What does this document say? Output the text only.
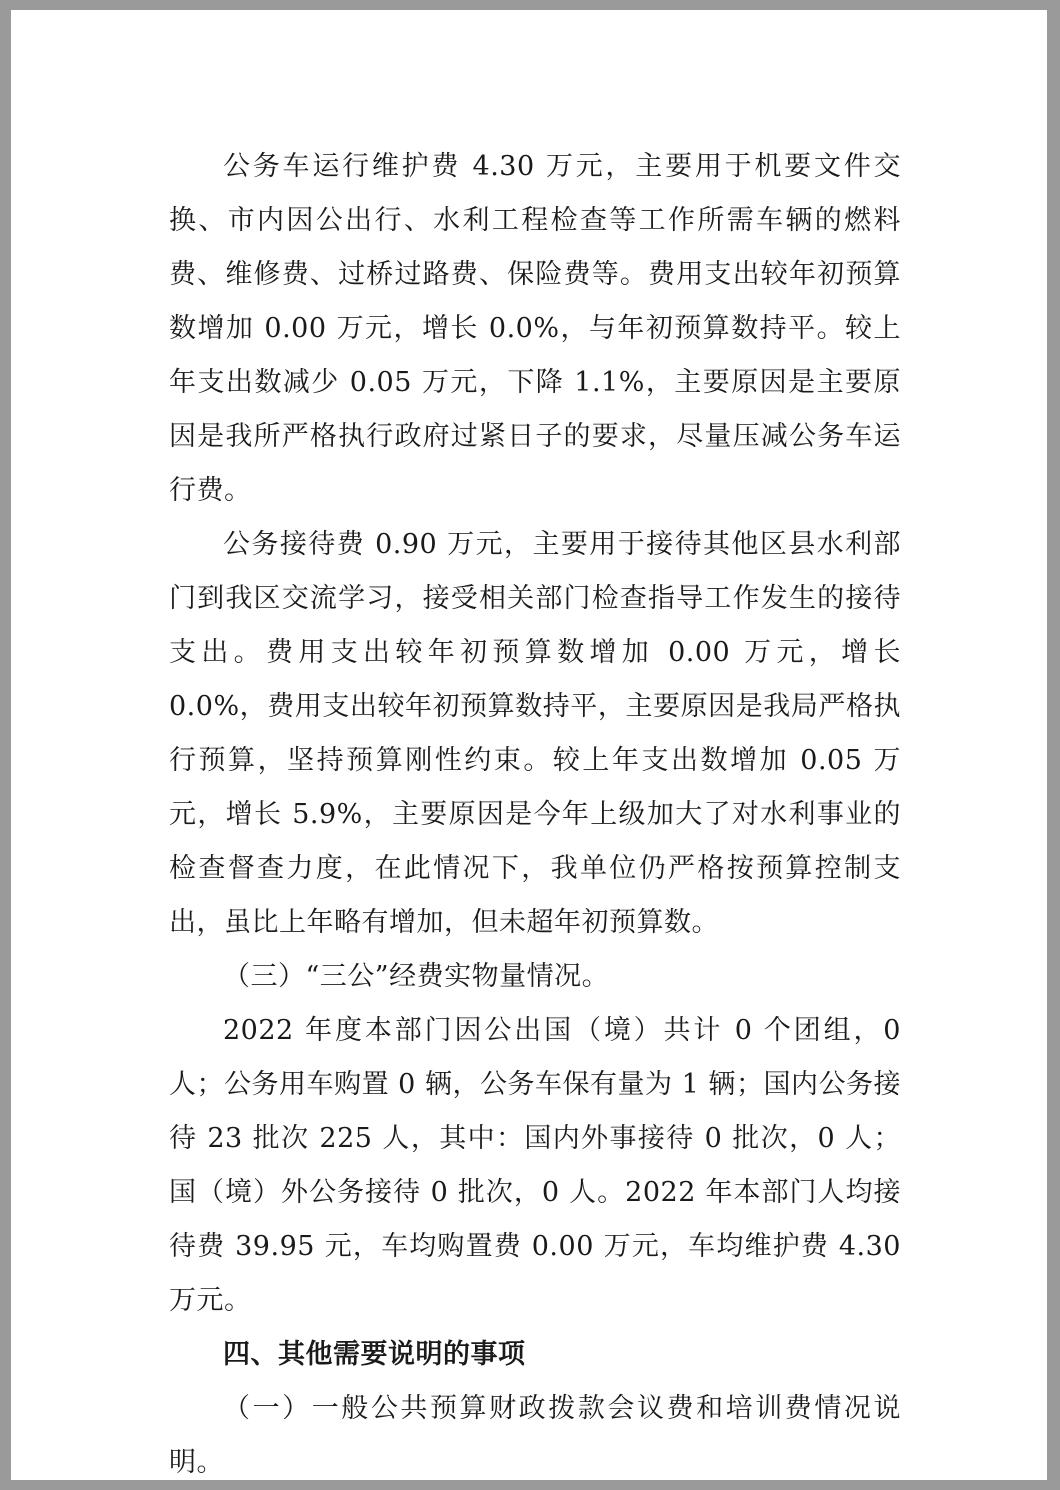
公务车运行维护费 4.30 万元，主要用于机要文件交换、市内因公出行、水利工程检查等工作所需车辆的燃料费、维修费、过桥过路费、保险费等。费用支出较年初预算数增加 0.00 万元，增长 0.0%，与年初预算数持平。较上年支出数减少 0.05 万元，下降 1.1%，主要原因是主要原因是我所严格执行政府过紧日子的要求，尽量压减公务车运行费。

公务接待费 0.90 万元，主要用于接待其他区县水利部门到我区交流学习，接受相关部门检查指导工作发生的接待支出。费用支出较年初预算数增加 0.00 万元，增长 0.0%，费用支出较年初预算数持平，主要原因是我局严格执行预算，坚持预算刚性约束。较上年支出数增加 0.05 万元，增长 5.9%，主要原因是今年上级加大了对水利事业的检查督查力度，在此情况下，我单位仍严格按预算控制支出，虽比上年略有增加，但未超年初预算数。

（三）“三公”经费实物量情况。

2022 年度本部门因公出国（境）共计 0 个团组，0 人；公务用车购置 0 辆，公务车保有量为 1 辆；国内公务接待 23 批次 225 人，其中：国内外事接待 0 批次，0 人；国（境）外公务接待 0 批次，0 人。2022 年本部门人均接待费 39.95 元，车均购置费 0.00 万元，车均维护费 4.30 万元。

四、其他需要说明的事项

（一）一般公共预算财政拨款会议费和培训费情况说明。
